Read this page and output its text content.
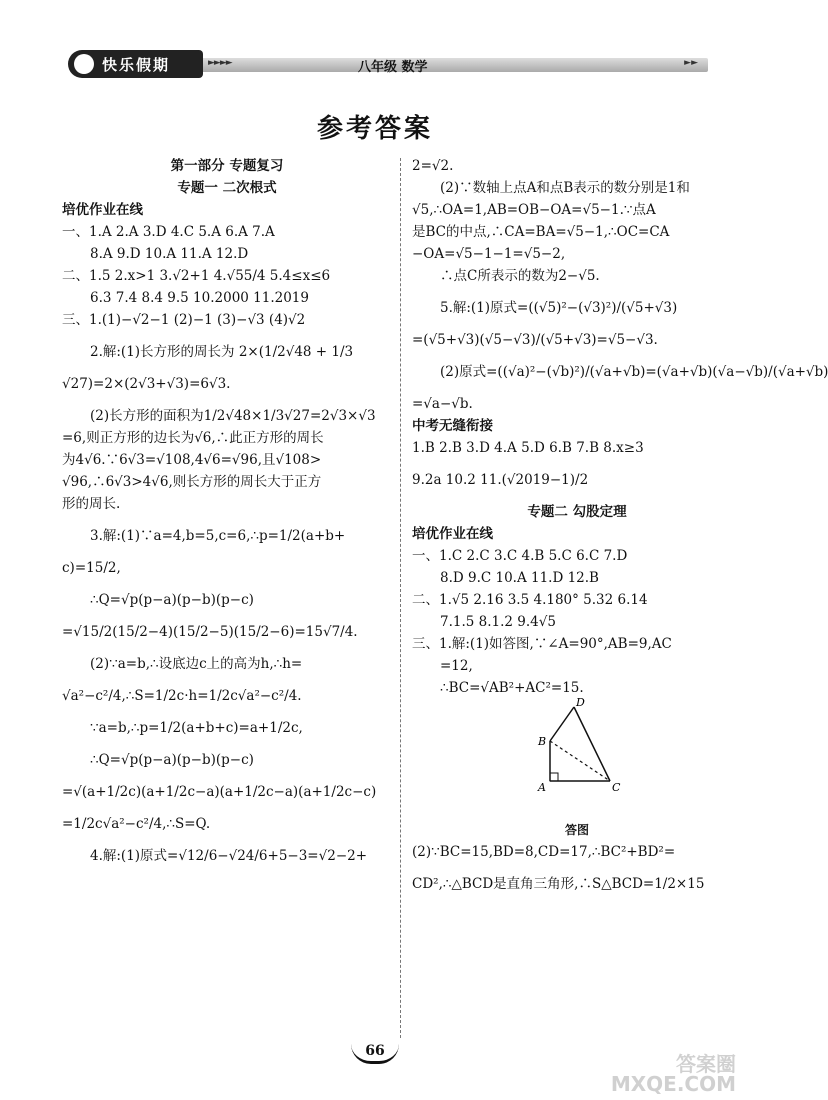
快乐假期	►►►►	八年级 数学	►►
参考答案
第一部分 专题复习
专题一 二次根式
培优作业在线
一、1.A 2.A 3.D 4.C 5.A 6.A 7.A
8.A 9.D 10.A 11.A 12.D
二、1.5 2.x>1 3.√2+1 4.√55/4 5.4≤x≤6
6.3 7.4 8.4 9.5 10.2000 11.2019
三、1.(1)−√2−1 (2)−1 (3)−√3 (4)√2
2.解:(1)长方形的周长为 2×(1/2√48 + 1/3
√27)=2×(2√3+√3)=6√3.
(2)长方形的面积为1/2√48×1/3√27=2√3×√3
=6,则正方形的边长为√6,∴此正方形的周长
为4√6.∵6√3=√108,4√6=√96,且√108>
√96,∴6√3>4√6,则长方形的周长大于正方
形的周长.
3.解:(1)∵a=4,b=5,c=6,∴p=1/2(a+b+
c)=15/2,
∴Q=√p(p−a)(p−b)(p−c)
=√15/2(15/2−4)(15/2−5)(15/2−6)=15√7/4.
(2)∵a=b,∴设底边c上的高为h,∴h=
√a²−c²/4,∴S=1/2c·h=1/2c√a²−c²/4.
∵a=b,∴p=1/2(a+b+c)=a+1/2c,
∴Q=√p(p−a)(p−b)(p−c)
=√(a+1/2c)(a+1/2c−a)(a+1/2c−a)(a+1/2c−c)
=1/2c√a²−c²/4,∴S=Q.
4.解:(1)原式=√12/6−√24/6+5−3=√2−2+
2=√2.
(2)∵数轴上点A和点B表示的数分别是1和
√5,∴OA=1,AB=OB−OA=√5−1.∵点A
是BC的中点,∴CA=BA=√5−1,∴OC=CA
−OA=√5−1−1=√5−2,
∴点C所表示的数为2−√5.
5.解:(1)原式=((√5)²−(√3)²)/(√5+√3)
=(√5+√3)(√5−√3)/(√5+√3)=√5−√3.
(2)原式=((√a)²−(√b)²)/(√a+√b)=(√a+√b)(√a−√b)/(√a+√b)
=√a−√b.
中考无缝衔接
1.B 2.B 3.D 4.A 5.D 6.B 7.B 8.x≥3
9.2a 10.2 11.(√2019−1)/2
专题二 勾股定理
培优作业在线
一、1.C 2.C 3.C 4.B 5.C 6.C 7.D
8.D 9.C 10.A 11.D 12.B
二、1.√5 2.16 3.5 4.180° 5.32 6.14
7.1.5 8.1.2 9.4√5
三、1.解:(1)如答图,∵∠A=90°,AB=9,AC
=12,
∴BC=√AB²+AC²=15.
D
B
A	C
答图
(2)∵BC=15,BD=8,CD=17,∴BC²+BD²=
CD²,∴△BCD是直角三角形,∴S△BCD=1/2×15
66
答案圈
MXQE.COM
